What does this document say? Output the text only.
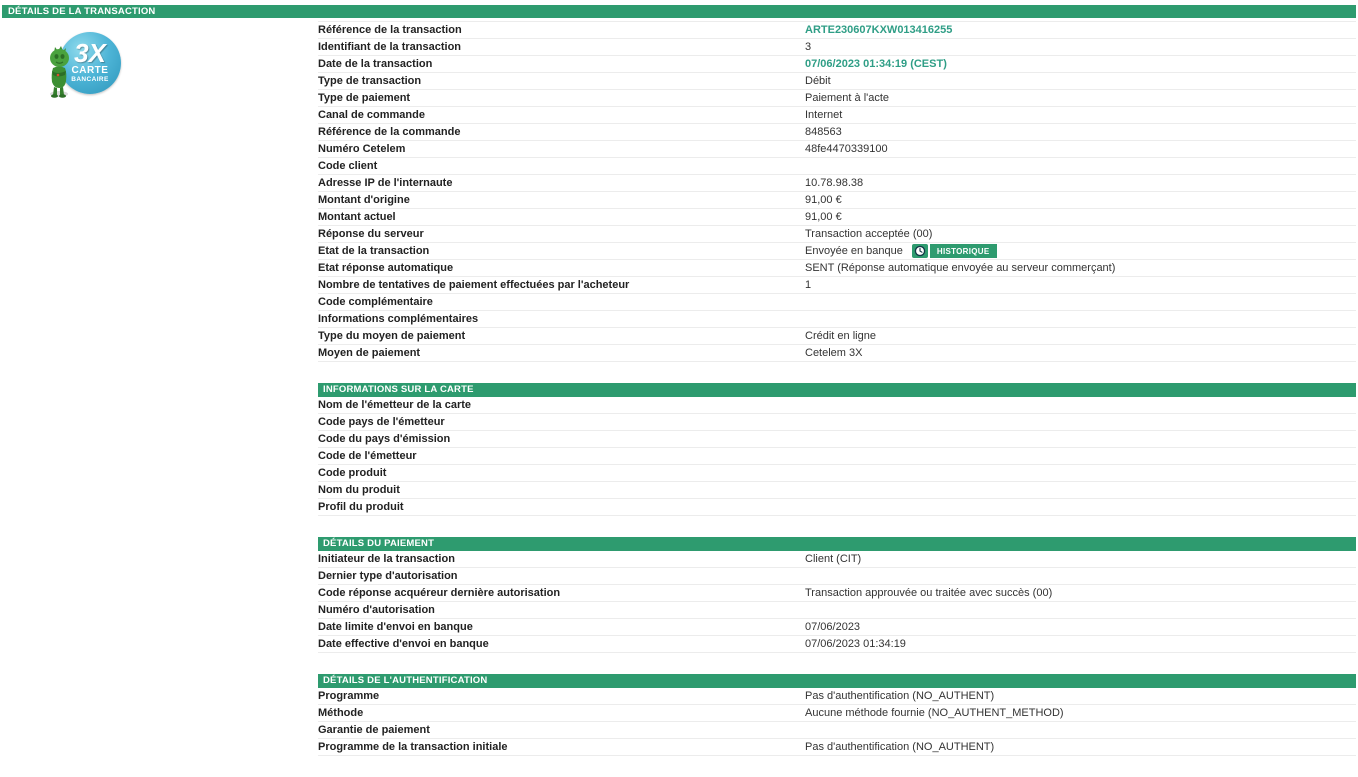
DÉTAILS DE LA TRANSACTION
3X
CARTE
BANCAIRE
Référence de la transaction	ARTE230607KXW013416255
Identifiant de la transaction	3
Date de la transaction	07/06/2023 01:34:19 (CEST)
Type de transaction	Débit
Type de paiement	Paiement à l'acte
Canal de commande	Internet
Référence de la commande	848563
Numéro Cetelem	48fe4470339100
Code client
Adresse IP de l'internaute	10.78.98.38
Montant d'origine	91,00 €
Montant actuel	91,00 €
Réponse du serveur	Transaction acceptée (00)
Etat de la transaction	Envoyée en banque	HISTORIQUE
Etat réponse automatique	SENT (Réponse automatique envoyée au serveur commerçant)
Nombre de tentatives de paiement effectuées par l'acheteur	1
Code complémentaire
Informations complémentaires
Type du moyen de paiement	Crédit en ligne
Moyen de paiement	Cetelem 3X
INFORMATIONS SUR LA CARTE
Nom de l'émetteur de la carte
Code pays de l'émetteur
Code du pays d'émission
Code de l'émetteur
Code produit
Nom du produit
Profil du produit
DÉTAILS DU PAIEMENT
Initiateur de la transaction	Client (CIT)
Dernier type d'autorisation
Code réponse acquéreur dernière autorisation	Transaction approuvée ou traitée avec succès (00)
Numéro d'autorisation
Date limite d'envoi en banque	07/06/2023
Date effective d'envoi en banque	07/06/2023 01:34:19
DÉTAILS DE L'AUTHENTIFICATION
Programme	Pas d'authentification (NO_AUTHENT)
Méthode	Aucune méthode fournie (NO_AUTHENT_METHOD)
Garantie de paiement
Programme de la transaction initiale	Pas d'authentification (NO_AUTHENT)
